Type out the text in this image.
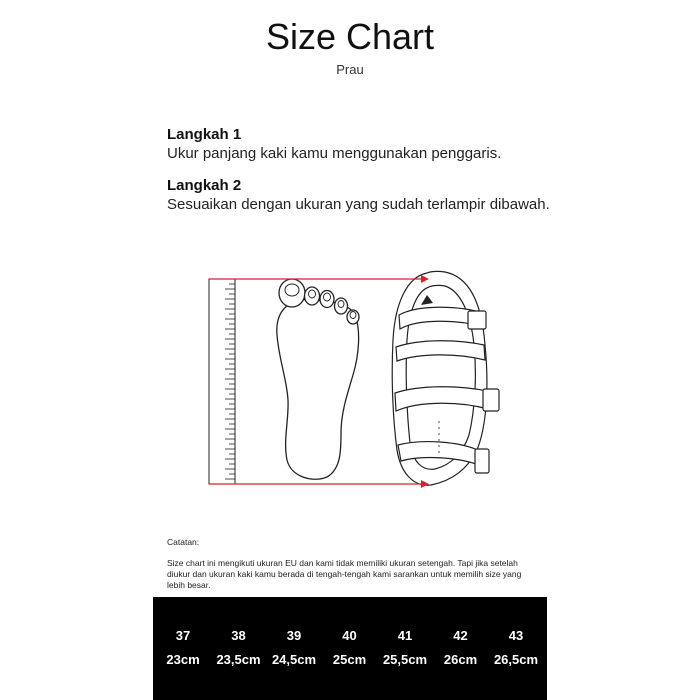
Size Chart
Prau
Langkah 1
Ukur panjang kaki kamu menggunakan penggaris.
Langkah 2
Sesuaikan dengan ukuran yang sudah terlampir dibawah.
Catatan:
Size chart ini mengikuti ukuran EU dan kami tidak memiliki ukuran setengah. Tapi jika setelah diukur dan ukuran kaki kamu berada di tengah-tengah kami sarankan untuk memilih size yang lebih besar.
37
23cm
38
23,5cm
39
24,5cm
40
25cm
41
25,5cm
42
26cm
43
26,5cm
